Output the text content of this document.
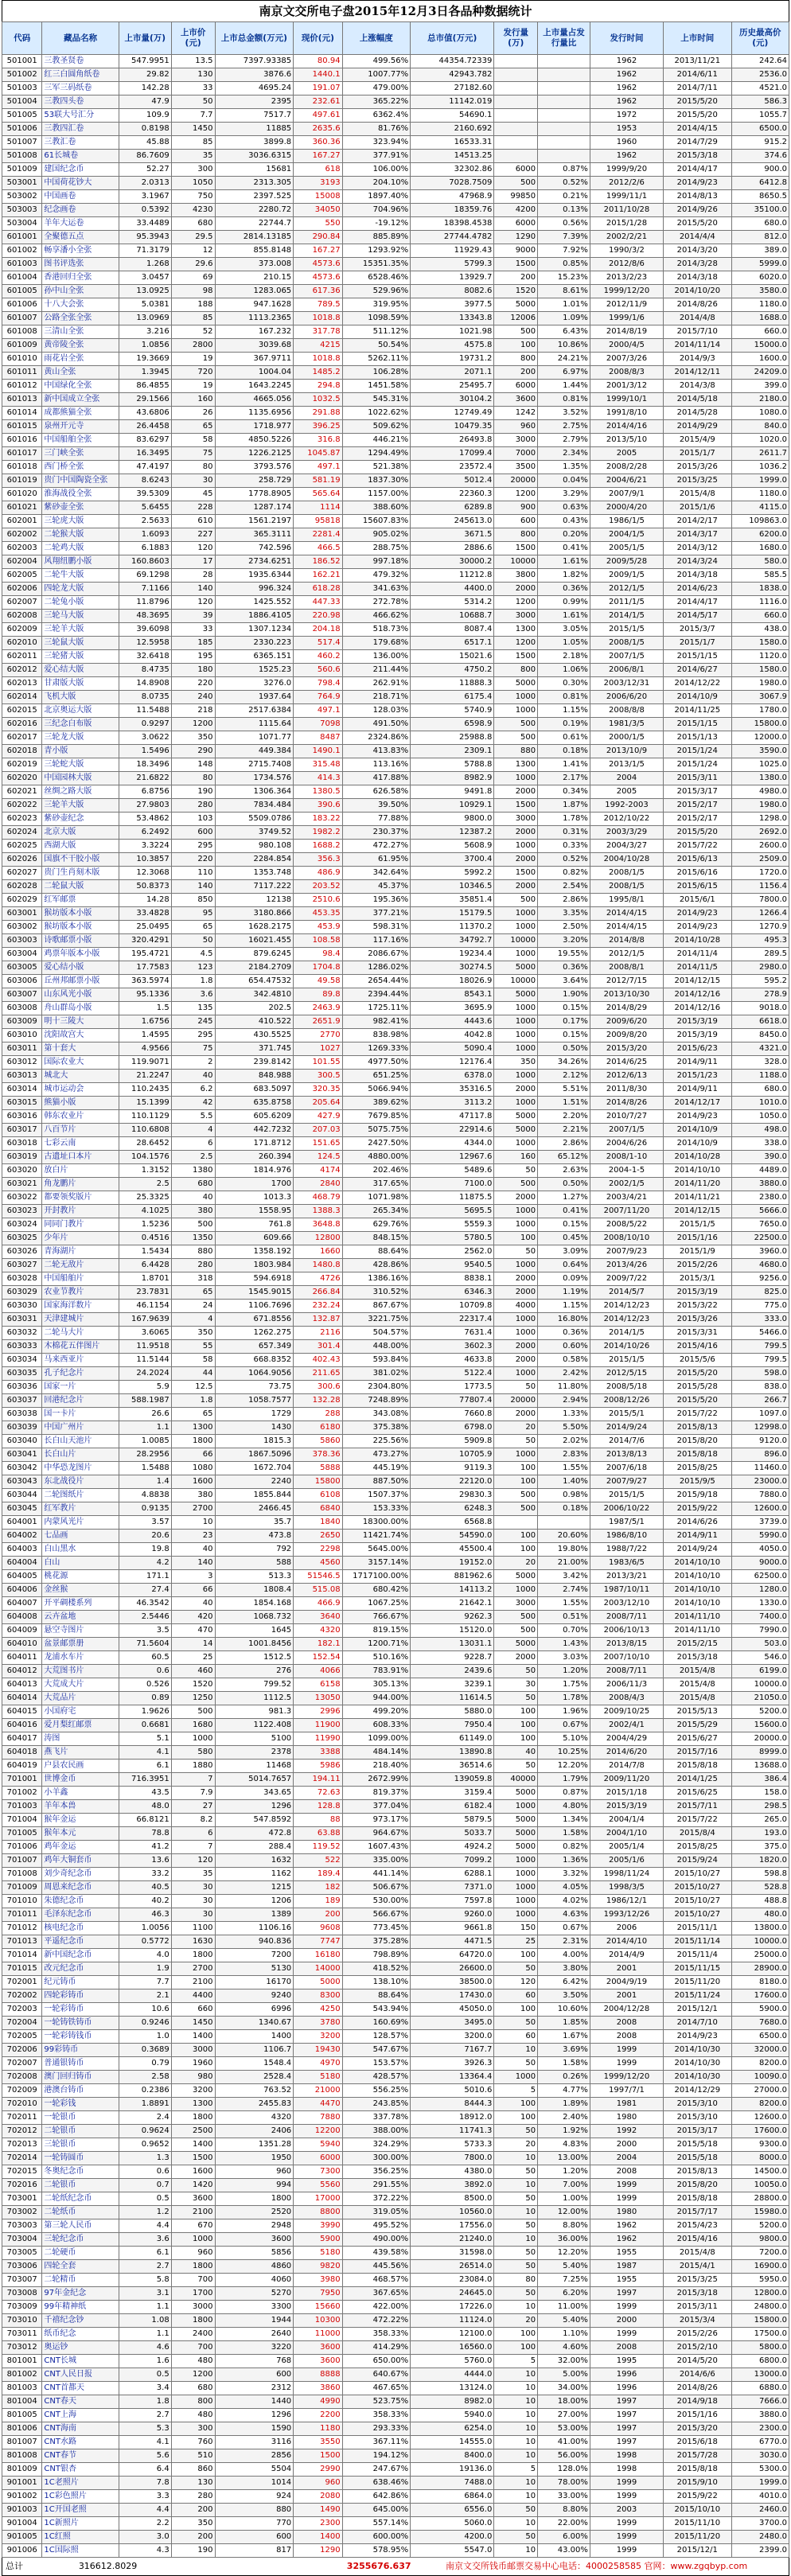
南京文交所电子盘2015年12月3日各品种数据统计
代码	藏品名称	上市量(万)	上市价(元)	上市总金额(万元)	现价(元)	上涨幅度	总市值(万元)	发行量(万)	上市量占发行量比	发行时间	上市时间	历史最高价(元)
501001	三教圣贤卷	547.9951	13.5	7397.93385	80.94	499.56%	44354.72339			1962	2013/11/21	242.64
501002	红三白圆角纸卷	29.82	130	3876.6	1440.1	1007.77%	42943.782			1962	2014/6/11	2536.0
501003	三军三码纸卷	142.28	33	4695.24	191.07	479.00%	27182.60			1962	2014/7/11	4521.0
501004	三教四头卷	47.9	50	2395	232.61	365.22%	11142.019			1962	2015/5/20	586.3
501005	53联大号汇分	109.9	7.7	7517.7	497.61	6362.4%	54690.1			1972	2015/5/20	1055.7
501006	三教四汇卷	0.8198	1450	11885	2635.6	81.76%	2160.692			1953	2014/4/15	6500.0
501007	三教汇卷	45.88	85	3899.8	360.36	323.94%	16533.31			1960	2014/7/29	915.2
501008	61长城卷	86.7609	35	3036.6315	167.27	377.91%	14513.25			1962	2015/3/18	374.6
501009	建国纪念币	52.27	300	15681	618	106.00%	32302.86	6000	0.87%	1999/9/20	2014/4/17	900.0
503001	中国荷花钞大	2.0313	1050	2313.305	3193	204.10%	7028.7509	500	0.52%	2012/2/6	2014/9/23	6412.8
503002	中国画卷	3.1967	750	2397.525	15008	1897.40%	47968.9	99850	0.21%	1999/11/1	2014/8/13	8650.5
503003	纪念画卷	0.5392	4230	2280.72	34050	704.96%	18359.76	4200	0.13%	2011/10/28	2014/9/26	35100.0
503004	羊年大运卷	33.4489	680	22744.7	550	-19.12%	18398.4538	6000	0.56%	2015/1/28	2015/5/20	680.0
601001	全聚德五点	95.3943	29.5	2814.13185	290.84	885.89%	27744.4782	1290	7.39%	2002/2/21	2014/4/4	812.0
601002	畅享潘小全张	71.3179	12	855.8148	167.27	1293.92%	11929.43	9000	7.92%	1990/3/2	2014/3/20	389.0
601003	图书评选张	1.268	29.6	373.008	4573.6	15351.35%	5799.3	1500	0.85%	2012/8/6	2014/3/28	5999.0
601004	香港回归全张	3.0457	69	210.15	4573.6	6528.46%	13929.7	200	15.23%	2013/2/23	2014/3/18	6020.0
601005	孙中山全张	13.0925	98	1283.065	617.36	529.96%	8082.6	1520	8.61%	1999/12/20	2014/10/20	3580.0
601006	十八大会张	5.0381	188	947.1628	789.5	319.95%	3977.5	5000	1.01%	2012/11/9	2014/8/26	1180.0
601007	公路全张全张	13.0969	85	1113.2365	1018.8	1098.59%	13343.8	12006	1.09%	1999/1/6	2014/4/8	1688.0
601008	三清山全张	3.216	52	167.232	317.78	511.12%	1021.98	500	6.43%	2014/8/19	2015/7/10	660.0
601009	黄帝陵全张	1.0856	2800	3039.68	4215	50.54%	4575.8	100	10.86%	2000/4/5	2014/11/14	15000.0
601010	雨花岩全张	19.3669	19	367.9711	1018.8	5262.11%	19731.2	800	24.21%	2007/3/26	2014/9/3	1600.0
601011	黄山全张	1.3945	720	1004.04	1485.2	106.28%	2071.1	200	6.97%	2008/8/3	2014/12/11	24209.0
601012	中国绿化全张	86.4855	19	1643.2245	294.8	1451.58%	25495.7	6000	1.44%	2001/3/12	2014/3/8	399.0
601013	新中国成立全张	29.1566	160	4665.056	1032.5	545.31%	30104.2	3600	0.81%	1999/10/1	2014/5/18	2180.0
601014	成都熊猫全张	43.6806	26	1135.6956	291.88	1022.62%	12749.49	1242	3.52%	1991/8/10	2014/5/28	1080.0
601015	泉州开元寺	26.4458	65	1718.977	396.25	509.62%	10479.35	960	2.75%	2014/4/16	2014/9/29	840.0
601016	中国船舶全张	83.6297	58	4850.5226	316.8	446.21%	26493.8	3000	2.79%	2013/5/10	2015/4/9	1020.0
601017	三门峡全张	16.3495	75	1226.2125	1045.87	1294.49%	17099.4	7000	2.34%	2005	2015/1/7	2611.7
601018	西门桥全张	47.4197	80	3793.576	497.1	521.38%	23572.4	3500	1.35%	2008/2/28	2015/3/26	1036.2
601019	贵门中国陶瓷全张	8.6243	30	258.729	581.19	1837.30%	5012.4	20000	0.04%	2004/6/21	2015/3/25	1999.0
601020	淮海战役全张	39.5309	45	1778.8905	565.64	1157.00%	22360.3	1200	3.29%	2007/9/1	2015/4/8	1180.0
601021	紫砂壶全张	5.6455	228	1287.174	1114	388.60%	6289.8	900	0.63%	2000/4/20	2015/1/6	4115.0
602001	三轮虎大版	2.5633	610	1561.2197	95818	15607.83%	245613.0	600	0.43%	1986/1/5	2014/2/17	109863.0
602002	二轮猴大版	1.6093	227	365.3111	2281.4	905.02%	3671.5	800	0.20%	2004/1/5	2014/3/17	6200.0
602003	二轮鸡大版	6.1883	120	742.596	466.5	288.75%	2886.6	1500	0.41%	2005/1/5	2014/3/12	1680.0
602004	风翔纽鹏小版	160.8603	17	2734.6251	186.52	997.18%	30000.2	10000	1.61%	2009/5/28	2014/3/24	580.0
602005	二轮牛大版	69.1298	28	1935.6344	162.21	479.32%	11212.8	3800	1.82%	2009/1/5	2014/3/18	585.5
602006	四轮龙大版	7.1166	140	996.324	618.28	341.63%	4400.0	2000	0.36%	2012/1/5	2014/6/23	1838.0
602007	二轮兔小版	11.8796	120	1425.552	447.33	272.78%	5314.2	1200	0.99%	2011/1/5	2014/4/17	1116.0
602008	三轮马大版	48.3695	39	1886.4105	220.98	466.62%	10688.7	3000	1.61%	2014/1/5	2014/5/17	660.0
602009	三轮羊大版	39.6098	33	1307.1234	204.18	518.73%	8087.4	1300	3.05%	2015/1/5	2015/3/7	438.0
602010	三轮鼠大版	12.5958	185	2330.223	517.4	179.68%	6517.1	1200	1.05%	2008/1/5	2015/1/7	1580.0
602011	三轮猪大版	32.6418	195	6365.151	460.2	136.00%	15021.6	1500	2.18%	2007/1/5	2015/1/15	1120.0
602012	爱心结大版	8.4735	180	1525.23	560.6	211.44%	4750.2	800	1.06%	2006/8/1	2014/6/27	1580.0
602013	甘肃版大版	14.8908	220	3276.0	798.4	262.91%	11888.3	5000	0.30%	2003/12/31	2014/12/22	1980.0
602014	飞机大版	8.0735	240	1937.64	764.9	218.71%	6175.4	1000	0.81%	2006/6/20	2014/10/9	3067.9
602015	北京奥运大版	11.5488	218	2517.6384	497.1	128.03%	5740.9	1000	1.15%	2008/8/8	2014/11/25	1780.0
602016	三纪念白布版	0.9297	1200	1115.64	7098	491.50%	6598.9	500	0.19%	1981/3/5	2015/1/15	15800.0
602017	三轮龙大版	3.0622	350	1071.77	8487	2324.86%	25988.8	500	0.61%	2000/1/5	2015/1/13	12000.0
602018	青小版	1.5496	290	449.384	1490.1	413.83%	2309.1	880	0.18%	2013/10/9	2015/1/24	3590.0
602019	三轮蛇大版	18.3496	148	2715.7408	315.48	113.16%	5788.8	1300	1.41%	2013/1/5	2015/1/24	1025.0
602020	中国园林大版	21.6822	80	1734.576	414.3	417.88%	8982.9	1000	2.17%	2004	2015/3/11	1380.0
602021	丝绸之路大版	6.8756	190	1306.364	1380.5	626.58%	9491.8	2000	0.34%	2005	2015/3/17	4980.0
602022	三轮羊大版	27.9803	280	7834.484	390.6	39.50%	10929.1	1500	1.87%	1992-2003	2015/2/17	1980.0
602023	紫砂壶纪念	53.4862	103	5509.0786	183.22	77.88%	9800.0	3000	1.78%	2012/10/22	2015/2/17	1298.0
602024	北京大版	6.2492	600	3749.52	1982.2	230.37%	12387.2	2000	0.31%	2003/3/29	2015/5/20	2692.0
602025	西湖大版	3.3224	295	980.108	1688.2	472.27%	5608.9	1000	0.33%	2004/3/27	2015/7/22	2600.0
602026	国旗不干胶小版	10.3857	220	2284.854	356.3	61.95%	3700.4	2000	0.52%	2004/10/28	2015/6/13	2509.0
602027	贵门生肖刻木版	12.3068	110	1353.748	486.9	342.64%	5992.2	1500	0.82%	2008/1/5	2015/6/16	1720.0
602028	二轮鼠大版	50.8373	140	7117.222	203.52	45.37%	10346.5	2000	2.54%	2008/1/5	2015/6/15	1156.4
602029	红军邮票	14.28	850	12138	2510.6	195.36%	35851.4	500	2.86%	1995/8/1	2015/6/1	7800.0
603001	猴坊版本小版	33.4828	95	3180.866	453.35	377.21%	15179.5	1000	3.35%	2014/4/15	2014/9/23	1266.4
603002	猴坊版本小版	25.0495	65	1628.2175	453.9	598.31%	11370.2	1000	2.50%	2014/4/15	2014/9/23	1270.9
603003	诗歌邮票小版	320.4291	50	16021.455	108.58	117.16%	34792.7	10000	3.20%	2014/8/8	2014/10/28	495.3
603004	鸡票年版本小版	195.4721	4.5	879.6245	98.4	2086.67%	19234.4	1000	19.55%	2012/1/5	2014/11/4	289.5
603005	爱心结小版	17.7583	123	2184.2709	1704.8	1286.02%	30274.5	5000	0.36%	2008/8/1	2014/11/5	2980.0
603006	丘州邦邮票小版	363.5974	1.8	654.47532	49.58	2654.44%	18026.9	10000	3.64%	2012/7/15	2014/12/15	595.2
603007	山东风光小版	95.1336	3.6	342.4810	89.8	2394.44%	8543.1	5000	1.90%	2013/10/30	2014/12/16	278.9
603008	舟山群岛小版	1.5	135	202.5	2463.9	1725.11%	3695.9	1000	0.15%	2014/8/29	2014/12/16	9018.0
603009	明十三陵大	1.6756	245	410.522	2651.9	982.41%	4443.6	1000	0.17%	2009/6/20	2015/3/19	6618.0
603010	沈阳故宫大	1.4595	295	430.5525	2770	838.98%	4042.8	1000	0.15%	2009/8/20	2015/3/19	8450.0
603011	第十套大	4.9566	75	371.745	1027	1269.33%	5090.4	1000	0.50%	2015/3/20	2015/6/23	4321.0
603012	国际农业大	119.9071	2	239.8142	101.55	4977.50%	12176.4	350	34.26%	2014/6/25	2014/9/11	328.0
603013	城北大	21.2247	40	848.988	300.5	651.25%	6378.0	1000	2.12%	2012/6/13	2015/1/23	1188.0
603014	城市运动会	110.2435	6.2	683.5097	320.35	5066.94%	35316.5	2000	5.51%	2011/8/30	2014/9/11	680.0
603015	熊猫小版	15.1399	42	635.8758	205.64	389.62%	3113.2	1000	1.51%	2014/8/26	2014/12/17	1010.0
603016	韩东农业片	110.1129	5.5	605.6209	427.9	7679.85%	47117.8	5000	2.20%	2010/7/27	2014/9/23	1050.0
603017	八百节片	110.6808	4	442.7232	207.03	5075.75%	22914.6	5000	2.21%	2007/1/5	2014/10/9	498.0
603018	七彩云南	28.6452	6	171.8712	151.65	2427.50%	4344.0	1000	2.86%	2004/6/26	2014/10/9	338.0
603019	古遗址口本片	104.1576	2.5	260.394	124.5	4880.00%	12967.6	160	65.12%	2008/1-10	2014/10/28	390.0
603020	放白片	1.3152	1380	1814.976	4174	202.46%	5489.6	50	2.63%	2004-1-5	2014/10/10	4489.0
603021	角龙鹏片	2.5	680	1700	2840	317.65%	7100.0	500	0.50%	2002/1/5	2014/11/20	3880.0
603022	都要领奖版片	25.3325	40	1013.3	468.79	1071.98%	11875.5	2000	1.27%	2003/4/21	2014/11/21	2380.0
603023	开封教片	4.1025	380	1558.95	1388.3	265.34%	5695.5	1000	0.41%	2007/11/20	2014/12/15	5666.0
603024	同同门教片	1.5236	500	761.8	3648.8	629.76%	5559.3	1000	0.15%	2008/5/22	2015/1/5	7650.0
603025	少年片	0.4516	1350	609.66	12800	848.15%	5780.5	100	0.45%	2008/10/10	2015/1/16	22500.0
603026	青海湖片	1.5434	880	1358.192	1660	88.64%	2562.0	50	3.09%	2007/9/23	2015/1/9	3960.0
603027	二轮无敌片	6.4428	280	1803.984	1480.8	428.86%	9540.5	1000	0.64%	2013/4/26	2015/2/26	4680.0
603028	中国船舶片	1.8701	318	594.6918	4726	1386.16%	8838.1	2000	0.09%	2009/7/22	2015/3/1	9256.0
603029	农业节教片	23.7831	65	1545.9015	266.84	310.52%	6346.3	2000	1.19%	2014/5/7	2015/3/19	825.0
603030	国家海洋数片	46.1154	24	1106.7696	232.24	867.67%	10709.8	4000	1.15%	2014/12/23	2015/3/22	775.0
603031	天津建城片	167.9639	4	671.8556	132.87	3221.75%	22317.4	1000	16.80%	2014/12/23	2015/3/26	333.0
603032	二轮马大片	3.6065	350	1262.275	2116	504.57%	7631.4	1000	0.36%	2014/1/5	2015/3/31	5466.0
603033	木棉花五伴图片	11.9518	55	657.349	301.4	448.00%	3602.3	2000	0.60%	2014/10/26	2015/4/16	799.5
603034	马来西亚片	11.5144	58	668.8352	402.43	593.84%	4633.8	2000	0.58%	2015/1/5	2015/5/6	799.5
603035	孔子纪念片	24.2024	44	1064.9056	211.65	381.02%	5122.4	1000	2.42%	2012/5/15	2015/5/20	598.0
603036	国家一片	5.9	12.5	73.75	300.6	2304.80%	1773.5	50	11.80%	2008/5/18	2015/5/28	838.0
603037	回港纪念片	588.1987	1.8	1058.7577	132.28	7248.89%	77807.4	20000	2.94%	2008/12/26	2015/5/20	266.7
603038	国一卡片	26.6	65	1729	288	343.08%	7660.8	2000	1.33%	2015/5/1	2015/7/22	1097.0
603039	中国广州片	1.1	1300	1430	6180	375.38%	6798.0	20	5.50%	2014/9/24	2015/8/13	12998.0
603040	长白山天池片	1.0085	1800	1815.3	5860	225.56%	5909.8	50	2.02%	2014/7/6	2015/8/20	9120.0
603041	长白山片	28.2956	66	1867.5096	378.36	473.27%	10705.9	1000	2.83%	2013/8/13	2015/8/18	896.0
603042	中华恐龙图片	1.5488	1080	1672.704	5888	445.19%	9119.3	100	1.55%	2007/6/18	2015/8/25	11460.0
603043	东北战役片	1.4	1600	2240	15800	887.50%	22120.0	100	1.40%	2007/9/27	2015/9/5	23000.0
603044	二轮图纸片	4.8838	380	1855.844	6108	1507.37%	29830.3	500	0.98%	2015/1/5	2015/9/18	7880.0
603045	红军教片	0.9135	2700	2466.45	6840	153.33%	6248.3	500	0.18%	2006/10/22	2015/9/22	12600.0
604001	内蒙风光片	3.57	10	35.7	1840	18300.00%	6568.8			1987/5/1	2014/6/26	3739.0
604002	七品画	20.6	23	473.8	2650	11421.74%	54590.0	100	20.60%	1986/8/10	2014/9/11	5990.0
604003	白山黑水	19.8	40	792	2298	5645.00%	45500.4	100	19.80%	1988/7/22	2014/9/24	4050.0
604004	白山	4.2	140	588	4560	3157.14%	19152.0	20	21.00%	1983/6/5	2014/10/10	9000.0
604005	桃花源	171.1	3	513.3	51546.5	1717100.00%	881962.6	5000	3.42%	2013/3/21	2014/10/10	62500.0
604006	金丝猴	27.4	66	1808.4	515.08	680.42%	14113.2	1000	2.74%	1987/10/11	2014/10/10	1280.0
604007	开平碉楼系列	46.3542	40	1854.168	466.9	1067.25%	21642.1	3000	1.55%	2003/12/10	2014/10/10	1330.0
604008	云卉盆地	2.5446	420	1068.732	3640	766.67%	9262.3	500	0.51%	2008/7/11	2014/11/10	7400.0
604009	悬空寺图片	3.5	470	1645	4320	819.15%	15120.0	500	0.70%	2006/10/13	2014/11/10	7990.0
604010	盆景邮票册	71.5604	14	1001.8456	182.1	1200.71%	13031.1	5000	1.43%	2013/8/15	2015/2/15	503.0
604011	龙浦水车片	60.5	25	1512.5	152.54	510.16%	9228.7	2000	3.03%	2007/10/10	2015/3/18	546.0
604012	大荒图书片	0.6	460	276	4066	783.91%	2439.6	50	1.20%	2008/7/11	2015/4/8	6199.0
604013	大荒成大片	0.526	1520	799.52	6158	305.13%	3239.1	30	1.75%	2006/11/3	2015/4/8	10000.0
604014	大荒品片	0.89	1250	1112.5	13050	944.00%	11614.5	50	1.78%	2008/4/3	2015/4/8	21050.0
604015	小国府宅	1.9626	500	981.3	2996	499.20%	5880.0	100	1.96%	2009/10/25	2015/5/13	5200.0
604016	爱月梨红邮票	0.6681	1680	1122.408	11900	608.33%	7950.4	100	0.67%	2002/4/1	2015/5/29	15600.0
604017	涛图	5.1	1000	5100	11990	1099.00%	61149.0	100	5.10%	2004/4/29	2015/6/27	20000.0
604018	燕飞片	4.1	580	2378	3388	484.14%	13890.8	40	10.25%	2014/6/20	2015/7/16	8999.0
604019	户县农民画	6.1	1880	11468	5986	218.40%	36514.6	50	12.20%	2014/7/8	2015/8/18	13688.0
701001	世博金币	716.3951	7	5014.7657	194.11	2672.99%	139059.8	40000	1.79%	2009/11/20	2014/1/25	386.4
701002	小羊鑫	43.5	7.9	343.65	72.63	819.37%	3159.4	5000	0.87%	2015/1/18	2015/6/25	158.0
701003	羊年本兽	48.0	27	1296	128.8	377.04%	6182.4	1000	4.80%	2015/3/19	2015/7/11	298.5
701004	猴年金运	66.8121	8.2	547.8592	88	973.17%	5879.5	5000	1.34%	2004/1/4	2015/7/22	265.0
701005	猴年本元	78.8	6	472.8	63.88	964.67%	5033.7	5000	1.58%	2004/1/10	2015/8/4	193.0
701006	鸡年金运	41.2	7	288.4	119.52	1607.43%	4924.2	5000	0.82%	2005/1/4	2015/8/25	375.0
701007	鸡年大铜套币	13.6	120	1632	522	335.00%	7099.2	1000	1.36%	2005/1/6	2015/9/24	1820.0
701008	刘少奇纪念币	33.2	35	1162	189.4	441.14%	6288.1	1000	3.32%	1998/11/24	2015/10/27	598.8
701009	周恩来纪念币	40.5	30	1215	182	506.67%	7371.0	1000	4.05%	1998/3/5	2015/10/27	528.8
701010	朱德纪念币	40.2	30	1206	189	530.00%	7597.8	1000	4.02%	1986/12/1	2015/10/27	488.8
701011	毛泽东纪念币	46.3	30	1389	200	566.67%	9260.0	1000	4.63%	1993/12/26	2015/10/27	480.0
701012	核电纪念币	1.0056	1100	1106.16	9608	773.45%	9661.8	150	0.67%	2006	2015/11/1	13800.0
701013	平遥纪念币	0.5772	1630	940.836	7747	375.28%	4471.5	25	2.31%	2014/4/10	2015/11/14	10000.0
701014	新中国纪念币	4.0	1800	7200	16180	798.89%	64720.0	100	4.00%	2014/4/9	2015/11/4	25000.0
701015	改元纪念币	1.9	2700	5130	14000	418.52%	26600.0	50	3.80%	2001	2015/11/15	28900.0
702001	纪元铸币	7.7	2100	16170	5000	138.10%	38500.0	120	6.42%	2004/9/19	2015/11/20	8180.0
702002	四轮彩铸币	2.1	4400	9240	8300	88.64%	17430.0	60	3.50%	2001	2015/11/24	17600.0
702003	一轮彩铸币	10.6	660	6996	4250	543.94%	45050.0	100	10.60%	2004/12/28	2015/12/1	5900.0
702004	一轮铸铁铸币	0.9246	1450	1340.67	3780	160.69%	3495.0	50	1.85%	2008	2014/7/10	7680.0
702005	一轮彩铸钱币	1.0	1400	1400	3200	128.57%	3200.0	60	1.67%	2008	2014/9/23	6500.0
702006	99彩铸币	0.3689	3000	1106.7	19430	547.67%	7167.7	10	3.69%	1999	2014/10/30	32000.0
702007	普通银铸币	0.79	1960	1548.4	4970	153.57%	3926.3	50	1.58%	1999	2014/10/30	8200.0
702008	澳门回归铸币	2.58	980	2528.4	5180	428.57%	13364.4	1000	0.26%	1999/12/20	2014/10/30	10090.0
702009	港澳台铸币	0.2386	3200	763.52	21000	556.25%	5010.6	5	4.77%	1997/7/1	2014/12/29	27000.0
702010	一轮彩钱	1.8891	1300	2455.83	4470	243.85%	8444.3	100	1.89%	1981	2015/3/10	8200.0
702011	一轮银币	2.4	1800	4320	7880	337.78%	18912.0	100	2.40%	1980	2015/3/10	12600.0
702012	二轮银币	0.9624	2500	2406	12200	388.00%	11741.3	50	1.92%	1992	2015/3/17	17600.0
702013	三轮银币	0.9652	1400	1351.28	5940	324.29%	5733.3	20	4.83%	2000	2015/5/18	9300.0
702014	一轮铸圆币	1.3	1500	1950	6000	300.00%	7800.0	10	13.00%	2004	2015/5/18	8000.0
702015	冬奥纪念币	0.6	1600	960	7300	356.25%	4380.0	50	1.20%	2008	2015/8/13	14500.0
702016	二轮银币	0.7	1420	994	5560	291.55%	3892.0	10	7.00%	1999	2015/8/20	10050.0
703001	二轮纸纪念币	0.5	3600	1800	17000	372.22%	8500.0	50	1.00%	1999	2015/8/18	28800.0
703002	二轮纸币	1.2	2100	2520	8800	319.05%	10560.0	10	12.00%	1980	2015/7/17	15980.0
703003	第三轮人民币	4.4	670	2948	3990	495.52%	17556.0	50	8.80%	1962	2015/4/23	5200.0
703004	三轮纪念币	3.6	1000	3600	5900	490.00%	21240.0	10	36.00%	1962	2015/4/16	9800.0
703005	二轮硬币	6.1	960	5856	5180	439.58%	31598.0	50	12.20%	1955	2015/4/8	7200.0
703006	四轮全套	2.7	1800	4860	9820	445.56%	26514.0	50	5.40%	1987	2015/4/1	16900.0
703007	二轮精币	5.8	700	4060	3980	468.57%	23084.0	80	7.25%	1955	2015/3/25	5950.0
703008	97年金纪念	3.1	1700	5270	7950	367.65%	24645.0	50	6.20%	1997	2015/3/18	12800.0
703009	99年精神纸	1.1	3000	3300	15660	422.00%	17226.0	10	11.00%	1999	2015/3/11	24800.0
703010	千禧纪念钞	1.08	1800	1944	10300	472.22%	11124.0	20	5.40%	2000	2015/3/4	15800.0
703011	纸币纪念	1.1	2400	2640	11000	358.33%	12100.0	100	1.10%	1999	2015/2/26	17500.0
703012	奥运钞	4.6	700	3220	3600	414.29%	16560.0	100	4.60%	2008	2015/2/10	5800.0
801001	CNT长城	1.6	480	768	3600	650.00%	5760.0	5	32.00%	1995	2014/5/20	6800.0
801002	CNT人民日报	0.5	1200	600	8888	640.67%	4444.0	10	5.00%	1996	2014/6/6	13000.0
801003	CNT首都天	3.4	680	2312	3860	467.65%	13124.0	10	34.00%	1996	2014/8/26	6880.0
801004	CNT春天	1.8	800	1440	4990	523.75%	8982.0	10	18.00%	1997	2014/9/18	7666.0
801005	CNT上海	2.7	480	1296	2200	358.33%	5940.0	10	27.00%	1997	2015/1/16	3880.0
801006	CNT海南	5.3	300	1590	1180	293.33%	6254.0	10	53.00%	1997	2015/3/20	2300.0
801007	CNT水路	4.1	760	3116	3550	367.11%	14555.0	10	41.00%	1997	2015/6/18	6770.0
801008	CNT春节	5.6	510	2856	1500	194.12%	8400.0	10	56.00%	1998	2015/7/28	3030.0
801009	CNT银杏	6.4	860	5504	2990	247.67%	19136.0	5	128.0%	1998	2015/8/18	5300.0
901001	1C老照片	7.8	130	1014	960	638.46%	7488.0	10	78.00%	1999	2015/9/10	1999.0
901002	1C彩色照片	3.3	280	924	2080	642.86%	6864.0	10	33.00%	1999	2015/9/22	4010.0
901003	1C开国老照	4.4	200	880	1490	645.00%	6556.0	50	8.80%	2003	2015/10/10	2460.0
901004	1C新照片	2.2	350	770	2300	557.14%	5060.0	10	22.00%	1999	2015/11/10	3700.0
901005	1C红照	3.0	200	600	1400	600.00%	4200.0	50	6.00%	1999	2015/11/20	2480.0
901006	1C国际照	4.3	190	817	1290	578.95%	5547.0	10	43.00%	1999	2015/12/1	2399.0
总计	316612.8029	3255676.637	南京文交所钱币邮票交易中心电话：4000258585 官网：www.zgqbyp.com
